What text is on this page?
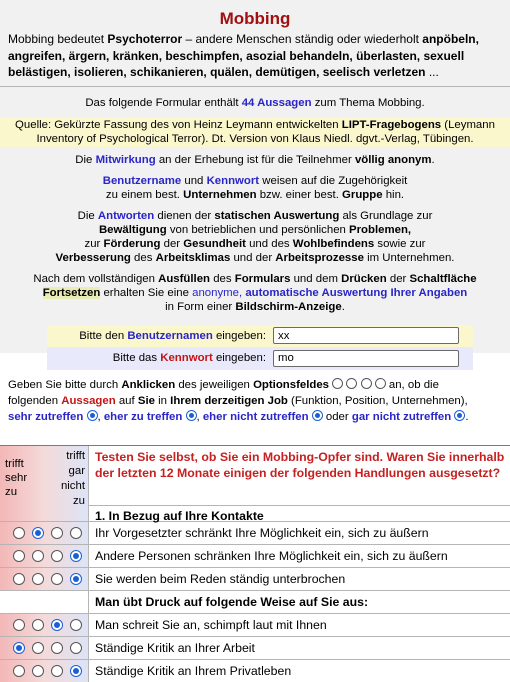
Mobbing
Mobbing bedeutet Psychoterror – andere Menschen ständig oder wiederholt anpöbeln, angreifen, ärgern, kränken, beschimpfen, asozial behandeln, überlasten, sexuell belästigen, isolieren, schikanieren, quälen, demütigen, seelisch verletzen ...
Das folgende Formular enthält 44 Aussagen zum Thema Mobbing.
Quelle: Gekürzte Fassung des von Heinz Leymann entwickelten LIPT-Fragebogens (Leymann Inventory of Psychological Terror). Dt. Version von Klaus Niedl. dgvt.-Verlag, Tübingen.
Die Mitwirkung an der Erhebung ist für die Teilnehmer völlig anonym.
Benutzername und Kennwort weisen auf die Zugehörigkeit
zu einem best. Unternehmen bzw. einer best. Gruppe hin.
Die Antworten dienen der statischen Auswertung als Grundlage zur
Bewältigung von betrieblichen und persönlichen Problemen,
zur Förderung der Gesundheit und des Wohlbefindens sowie zur
Verbesserung des Arbeitsklimas und der Arbeitsprozesse im Unternehmen.
Nach dem vollständigen Ausfüllen des Formulars und dem Drücken der Schaltfläche
Fortsetzen erhalten Sie eine anonyme, automatische Auswertung Ihrer Angaben
in Form einer Bildschirm-Anzeige.
Bitte den Benutzernamen eingeben:
xx
Bitte das Kennwort eingeben:
mo
Geben Sie bitte durch Anklicken des jeweiligen Optionsfeldes	an, ob die
folgenden Aussagen auf Sie in Ihrem derzeitigen Job (Funktion, Position, Unternehmen),
sehr zutreffen , eher zu treffen , eher nicht zutreffen  oder gar nicht zutreffen .
trifft sehr zu
trifft gar nicht zu
Testen Sie selbst, ob Sie ein Mobbing-Opfer sind. Waren Sie innerhalb der letzten 12 Monate einigen der folgenden Handlungen ausgesetzt?
1. In Bezug auf Ihre Kontakte
Ihr Vorgesetzter schränkt Ihre Möglichkeit ein, sich zu äußern
Andere Personen schränken Ihre Möglichkeit ein, sich zu äußern
Sie werden beim Reden ständig unterbrochen
Man übt Druck auf folgende Weise auf Sie aus:
Man schreit Sie an, schimpft laut mit Ihnen
Ständige Kritik an Ihrer Arbeit
Ständige Kritik an Ihrem Privatleben
